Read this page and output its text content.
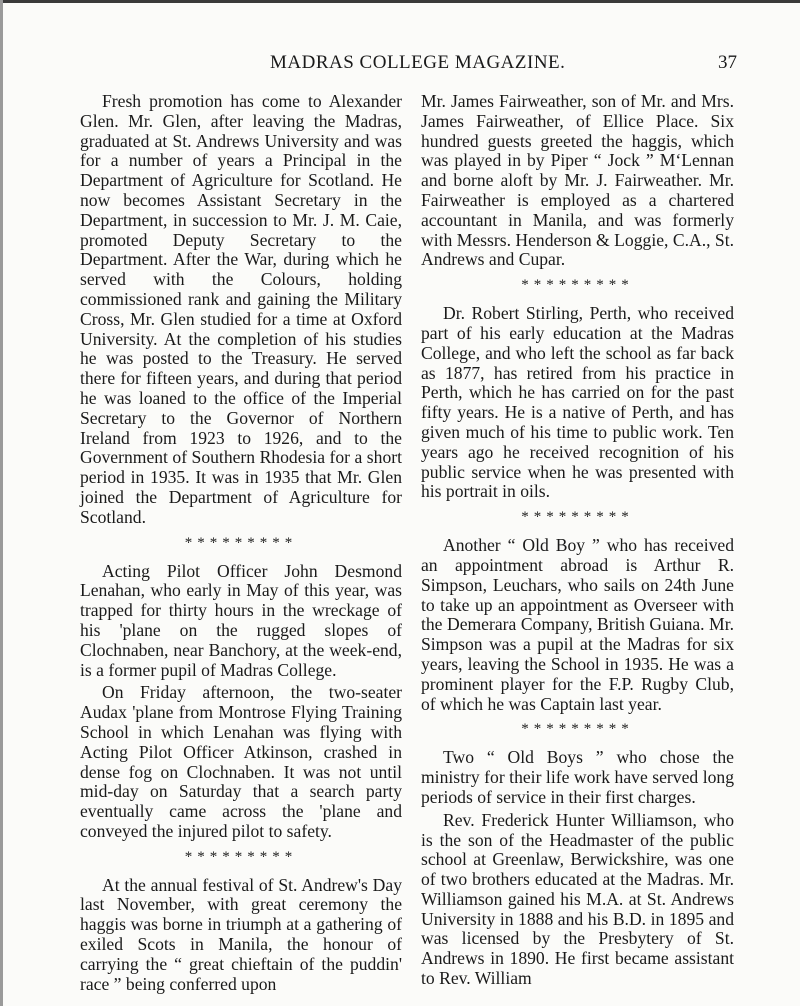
MADRAS COLLEGE MAGAZINE.	37

Fresh promotion has come to Alexander Glen. Mr. Glen, after leaving the Madras, graduated at St. Andrews University and was for a number of years a Principal in the Department of Agriculture for Scotland. He now becomes Assistant Secretary in the Department, in succession to Mr. J. M. Caie, promoted Deputy Secretary to the Department. After the War, during which he served with the Colours, holding commissioned rank and gaining the Military Cross, Mr. Glen studied for a time at Oxford University. At the completion of his studies he was posted to the Treasury. He served there for fifteen years, and during that period he was loaned to the office of the Imperial Secretary to the Governor of Northern Ireland from 1923 to 1926, and to the Government of Southern Rhodesia for a short period in 1935. It was in 1935 that Mr. Glen joined the Department of Agriculture for Scotland.

*********

Acting Pilot Officer John Desmond Lenahan, who early in May of this year, was trapped for thirty hours in the wreckage of his 'plane on the rugged slopes of Clochnaben, near Banchory, at the week-end, is a former pupil of Madras College.

On Friday afternoon, the two-seater Audax 'plane from Montrose Flying Training School in which Lenahan was flying with Acting Pilot Officer Atkinson, crashed in dense fog on Clochnaben. It was not until mid-day on Saturday that a search party eventually came across the 'plane and conveyed the injured pilot to safety.

*********

At the annual festival of St. Andrew's Day last November, with great ceremony the haggis was borne in triumph at a gathering of exiled Scots in Manila, the honour of carrying the “ great chieftain of the puddin' race ” being conferred upon

Mr. James Fairweather, son of Mr. and Mrs. James Fairweather, of Ellice Place. Six hundred guests greeted the haggis, which was played in by Piper “ Jock ” M‘Lennan and borne aloft by Mr. J. Fairweather. Mr. Fairweather is employed as a chartered accountant in Manila, and was formerly with Messrs. Henderson & Loggie, C.A., St. Andrews and Cupar.

*********

Dr. Robert Stirling, Perth, who received part of his early education at the Madras College, and who left the school as far back as 1877, has retired from his practice in Perth, which he has carried on for the past fifty years. He is a native of Perth, and has given much of his time to public work. Ten years ago he received recognition of his public service when he was presented with his portrait in oils.

*********

Another “ Old Boy ” who has received an appointment abroad is Arthur R. Simpson, Leuchars, who sails on 24th June to take up an appointment as Overseer with the Demerara Company, British Guiana. Mr. Simpson was a pupil at the Madras for six years, leaving the School in 1935. He was a prominent player for the F.P. Rugby Club, of which he was Captain last year.

*********

Two “ Old Boys ” who chose the ministry for their life work have served long periods of service in their first charges.

Rev. Frederick Hunter Williamson, who is the son of the Headmaster of the public school at Greenlaw, Berwickshire, was one of two brothers educated at the Madras. Mr. Williamson gained his M.A. at St. Andrews University in 1888 and his B.D. in 1895 and was licensed by the Presbytery of St. Andrews in 1890. He first became assistant to Rev. William
